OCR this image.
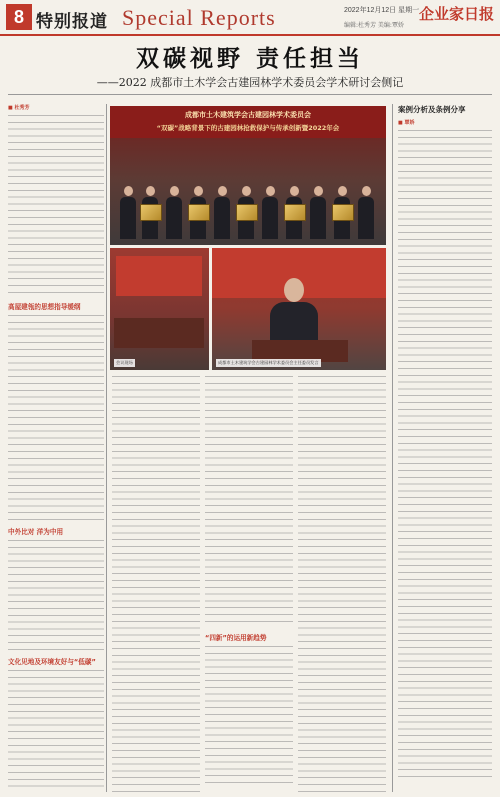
8 特别报道 Special Reports	2022年12月12日 星期一 企业家日报
编辑:杜秀芳 美编:覃娇
双碳视野 责任担当
——2022 成都市土木学会古建园林学术委员会学术研讨会侧记
■ 杜秀芳
高屋建瓴的思想指导缓纲
中外比对 洋为中用
文化见地及环境友好与“低碳”
成都市土木建筑学会古建园林学术委员会
“双碳”战略背景下的古建园林抢救保护与传承创新暨2022年会
会议现场	成都市土木建筑学会古建园林学术委员会主任委员发言
“四新”的运用新趋势
案例分析及条例分享
■ 覃娇
